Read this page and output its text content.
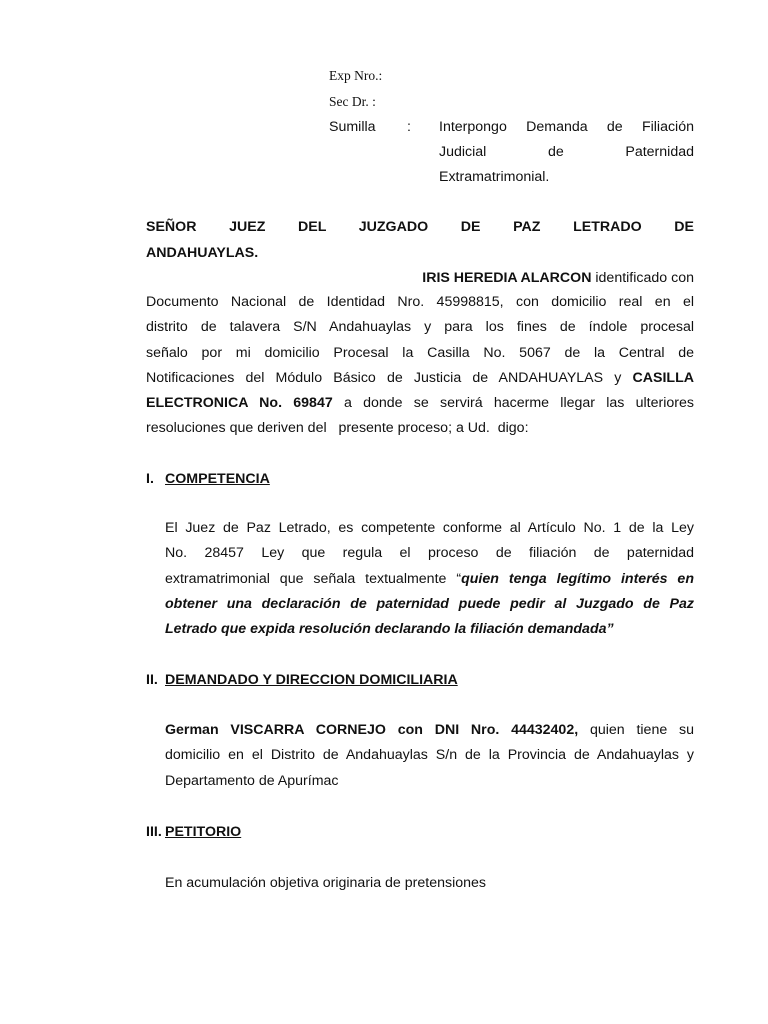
Exp Nro.:

Sec Dr. :

Sumilla : Interpongo Demanda de Filiación

Judicial de Paternidad

Extramatrimonial.

SEÑOR JUEZ DEL JUZGADO DE PAZ LETRADO DE

ANDAHUAYLAS.

IRIS HEREDIA ALARCON identificado con

Documento Nacional de Identidad Nro. 45998815, con domicilio real en el
distrito de talavera S/N Andahuaylas y para los fines de índole procesal
señalo por mi domicilio Procesal la Casilla No. 5067 de la Central de
Notificaciones del Módulo Básico de Justicia de ANDAHUAYLAS y CASILLA
ELECTRONICA No. 69847 a donde se servirá hacerme llegar las ulteriores
resoluciones que deriven del   presente proceso; a Ud.  digo:

I. COMPETENCIA

El Juez de Paz Letrado, es competente conforme al Artículo No. 1 de la Ley
No. 28457 Ley que regula el proceso de filiación de paternidad
extramatrimonial que señala textualmente “quien tenga legítimo interés en
obtener una declaración de paternidad puede pedir al Juzgado de Paz
Letrado que expida resolución declarando la filiación demandada”

II. DEMANDADO Y DIRECCION DOMICILIARIA

German VISCARRA CORNEJO con DNI Nro. 44432402, quien tiene su
domicilio en el Distrito de Andahuaylas S/n de la Provincia de Andahuaylas y
Departamento de Apurímac

III. PETITORIO

En acumulación objetiva originaria de pretensiones
